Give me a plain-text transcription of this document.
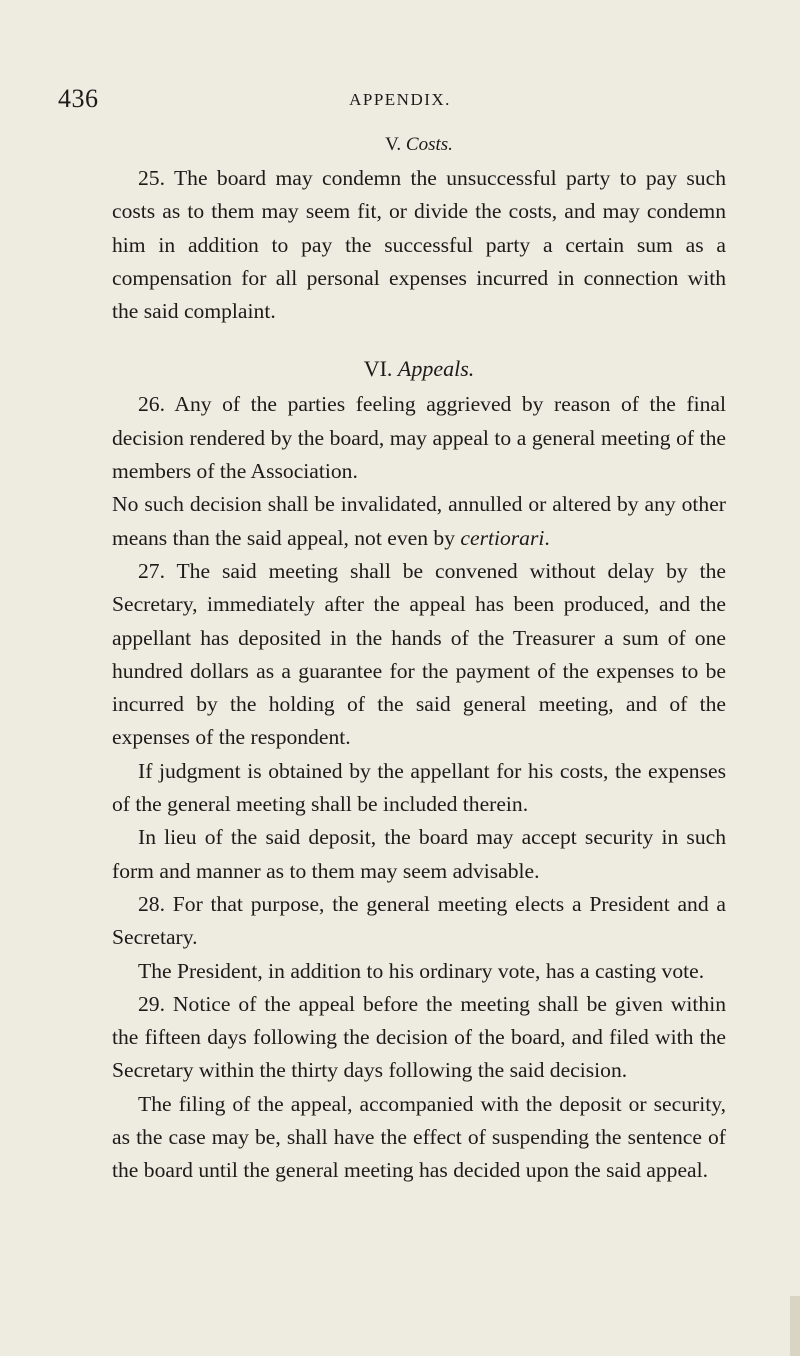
436	APPENDIX.
V. Costs.

25. The board may condemn the unsuccessful party to pay such costs as to them may seem fit, or divide the costs, and may condemn him in addition to pay the successful party a certain sum as a compensation for all personal expenses incurred in connection with the said complaint.

VI. Appeals.

26. Any of the parties feeling aggrieved by reason of the final decision rendered by the board, may appeal to a general meeting of the members of the Association.

No such decision shall be invalidated, annulled or altered by any other means than the said appeal, not even by certiorari.

27. The said meeting shall be convened without delay by the Secretary, immediately after the appeal has been produced, and the appellant has deposited in the hands of the Treasurer a sum of one hundred dollars as a guarantee for the payment of the expenses to be incurred by the holding of the said general meeting, and of the expenses of the respondent.

If judgment is obtained by the appellant for his costs, the expenses of the general meeting shall be included therein.

In lieu of the said deposit, the board may accept security in such form and manner as to them may seem advisable.

28. For that purpose, the general meeting elects a President and a Secretary.

The President, in addition to his ordinary vote, has a casting vote.

29. Notice of the appeal before the meeting shall be given within the fifteen days following the decision of the board, and filed with the Secretary within the thirty days following the said decision.

The filing of the appeal, accompanied with the deposit or security, as the case may be, shall have the effect of suspending the sentence of the board until the general meeting has decided upon the said appeal.
